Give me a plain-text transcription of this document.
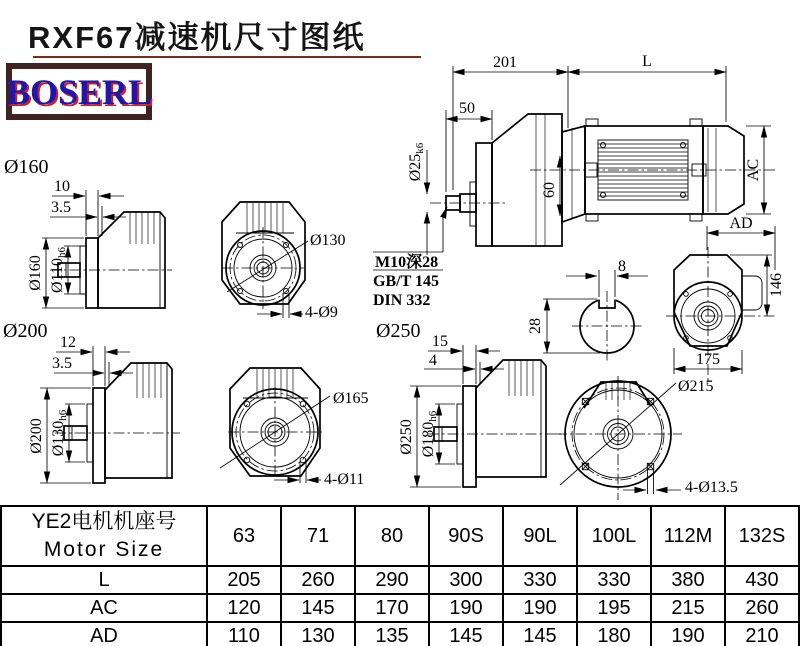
RXF67减速机尺寸图纸
BOSERL
201	L
50
AC
Ø25k6
60
M10深28
GB/T 145
DIN 332
8
28
AD
146
175
Ø215
4-Ø13.5
Ø160
10
3.5
Ø160 Ø110h6
Ø130
4-Ø9
Ø200
12
3.5
Ø200 Ø130h6
Ø165
4-Ø11
Ø250 15
4
Ø250 Ø180h6
YE2电机机座号
Motor Size	63	71	80	90S	90L	100L	112M	132S
L	205	260	290	300	330	330	380	430
AC	120	145	170	190	190	195	215	260
AD	110	130	135	145	145	180	190	210
